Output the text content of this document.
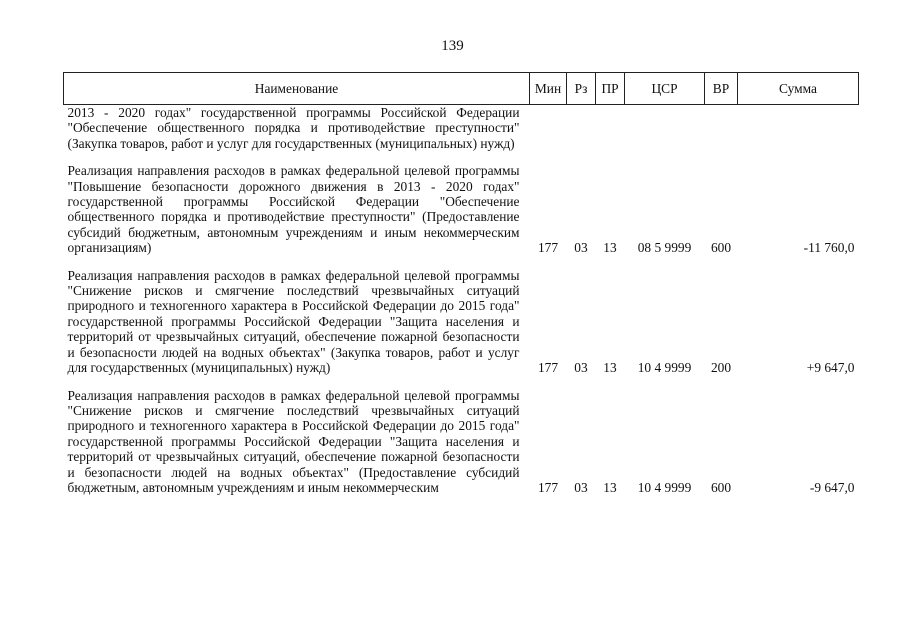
139
Наименование	Мин	Рз	ПР	ЦСР	ВР	Сумма

2013 - 2020 годах" государственной программы Российской Федерации "Обеспечение общественного порядка и противодействие преступности" (Закупка товаров, работ и услуг для государственных (муниципальных) нужд)						

Реализация направления расходов в рамках федеральной целевой программы "Повышение безопасности дорожного движения в 2013 - 2020 годах" государственной программы Российской Федерации "Обеспечение общественного порядка и противодействие преступности" (Предоставление субсидий бюджетным, автономным учреждениям и иным некоммерческим организациям)	177	03	13	08 5 9999	600	-11 760,0

Реализация направления расходов в рамках федеральной целевой программы "Снижение рисков и смягчение последствий чрезвычайных ситуаций природного и техногенного характера в Российской Федерации до 2015 года" государственной программы Российской Федерации "Защита населения и территорий от чрезвычайных ситуаций, обеспечение пожарной безопасности и безопасности людей на водных объектах" (Закупка товаров, работ и услуг для государственных (муниципальных) нужд)	177	03	13	10 4 9999	200	+9 647,0

Реализация направления расходов в рамках федеральной целевой программы "Снижение рисков и смягчение последствий чрезвычайных ситуаций природного и техногенного характера в Российской Федерации до 2015 года" государственной программы Российской Федерации "Защита населения и территорий от чрезвычайных ситуаций, обеспечение пожарной безопасности и безопасности людей на водных объектах" (Предоставление субсидий бюджетным, автономным учреждениям и иным некоммерческим	177	03	13	10 4 9999	600	-9 647,0
